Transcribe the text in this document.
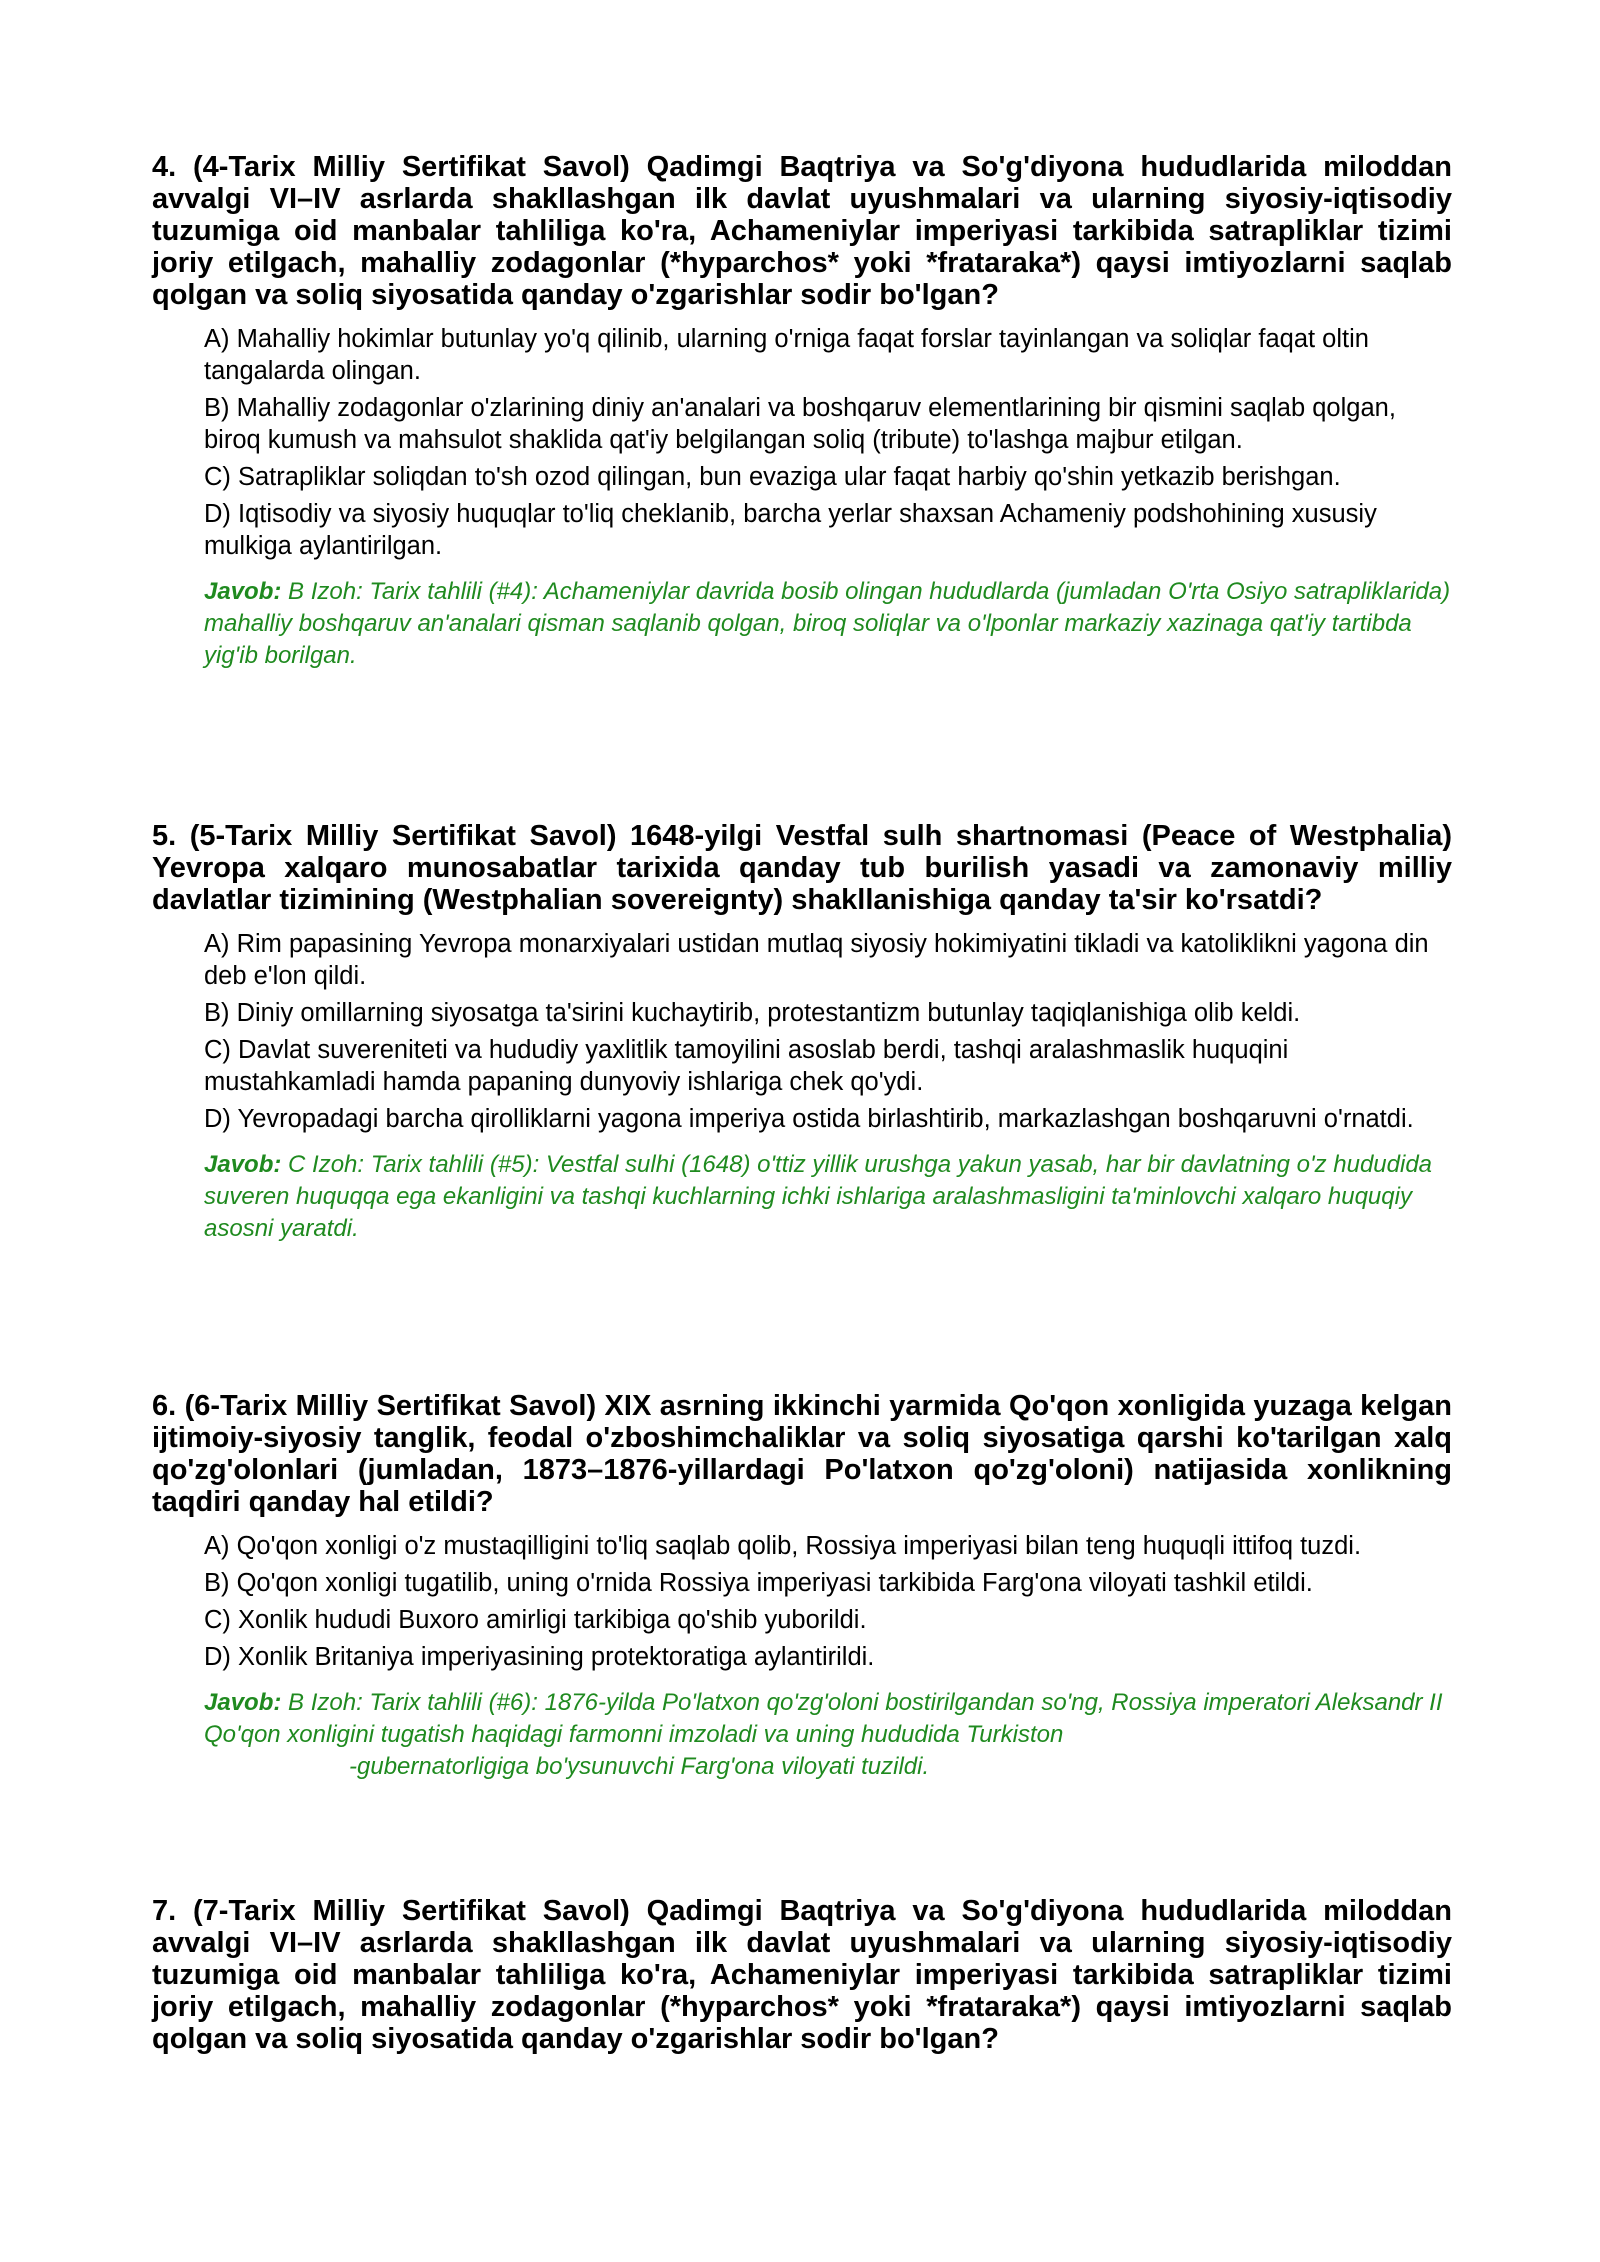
4. (4-Tarix Milliy Sertifikat Savol) Qadimgi Baqtriya va So'g'diyona hududlarida miloddan avvalgi VI–IV asrlarda shakllashgan ilk davlat uyushmalari va ularning siyosiy-iqtisodiy tuzumiga oid manbalar tahliliga ko'ra, Achameniylar imperiyasi tarkibida satrapliklar tizimi joriy etilgach, mahalliy zodagonlar (*hyparchos* yoki *frataraka*) qaysi imtiyozlarni saqlab qolgan va soliq siyosatida qanday o'zgarishlar sodir bo'lgan?

A) Mahalliy hokimlar butunlay yo'q qilinib, ularning o'rniga faqat forslar tayinlangan va soliqlar faqat oltin tangalarda olingan.

B) Mahalliy zodagonlar o'zlarining diniy an'analari va boshqaruv elementlarining bir qismini saqlab qolgan, biroq kumush va mahsulot shaklida qat'iy belgilangan soliq (tribute) to'lashga majbur etilgan.

C) Satrapliklar soliqdan to'sh ozod qilingan, bun evaziga ular faqat harbiy qo'shin yetkazib berishgan.

D) Iqtisodiy va siyosiy huquqlar to'liq cheklanib, barcha yerlar shaxsan Achameniy podshohining xususiy mulkiga aylantirilgan.

Javob: B Izoh: Tarix tahlili (#4): Achameniylar davrida bosib olingan hududlarda (jumladan O'rta Osiyo satrapliklarida) mahalliy boshqaruv an'analari qisman saqlanib qolgan, biroq soliqlar va o'lponlar markaziy xazinaga qat'iy tartibda yig'ib borilgan.

5. (5-Tarix Milliy Sertifikat Savol) 1648-yilgi Vestfal sulh shartnomasi (Peace of Westphalia) Yevropa xalqaro munosabatlar tarixida qanday tub burilish yasadi va zamonaviy milliy davlatlar tizimining (Westphalian sovereignty) shakllanishiga qanday ta'sir ko'rsatdi?

A) Rim papasining Yevropa monarxiyalari ustidan mutlaq siyosiy hokimiyatini tikladi va katoliklikni yagona din deb e'lon qildi.

B) Diniy omillarning siyosatga ta'sirini kuchaytirib, protestantizm butunlay taqiqlanishiga olib keldi.

C) Davlat suvereniteti va hududiy yaxlitlik tamoyilini asoslab berdi, tashqi aralashmaslik huquqini mustahkamladi hamda papaning dunyoviy ishlariga chek qo'ydi.

D) Yevropadagi barcha qirolliklarni yagona imperiya ostida birlashtirib, markazlashgan boshqaruvni o'rnatdi.

Javob: C Izoh: Tarix tahlili (#5): Vestfal sulhi (1648) o'ttiz yillik urushga yakun yasab, har bir davlatning o'z hududida suveren huquqqa ega ekanligini va tashqi kuchlarning ichki ishlariga aralashmasligini ta'minlovchi xalqaro huquqiy asosni yaratdi.

6. (6-Tarix Milliy Sertifikat Savol) XIX asrning ikkinchi yarmida Qo'qon xonligida yuzaga kelgan ijtimoiy-siyosiy tanglik, feodal o'zboshimchaliklar va soliq siyosatiga qarshi ko'tarilgan xalq qo'zg'olonlari (jumladan, 1873–1876-yillardagi Po'latxon qo'zg'oloni) natijasida xonlikning taqdiri qanday hal etildi?

A) Qo'qon xonligi o'z mustaqilligini to'liq saqlab qolib, Rossiya imperiyasi bilan teng huquqli ittifoq tuzdi.

B) Qo'qon xonligi tugatilib, uning o'rnida Rossiya imperiyasi tarkibida Farg'ona viloyati tashkil etildi.

C) Xonlik hududi Buxoro amirligi tarkibiga qo'shib yuborildi.

D) Xonlik Britaniya imperiyasining protektoratiga aylantirildi.

Javob: B Izoh: Tarix tahlili (#6): 1876-yilda Po'latxon qo'zg'oloni bostirilgandan so'ng, Rossiya imperatori Aleksandr II Qo'qon xonligini tugatish haqidagi farmonni imzoladi va uning hududida Turkiston
-gubernatorligiga bo'ysunuvchi Farg'ona viloyati tuzildi.

7. (7-Tarix Milliy Sertifikat Savol) Qadimgi Baqtriya va So'g'diyona hududlarida miloddan avvalgi VI–IV asrlarda shakllashgan ilk davlat uyushmalari va ularning siyosiy-iqtisodiy tuzumiga oid manbalar tahliliga ko'ra, Achameniylar imperiyasi tarkibida satrapliklar tizimi joriy etilgach, mahalliy zodagonlar (*hyparchos* yoki *frataraka*) qaysi imtiyozlarni saqlab qolgan va soliq siyosatida qanday o'zgarishlar sodir bo'lgan?
